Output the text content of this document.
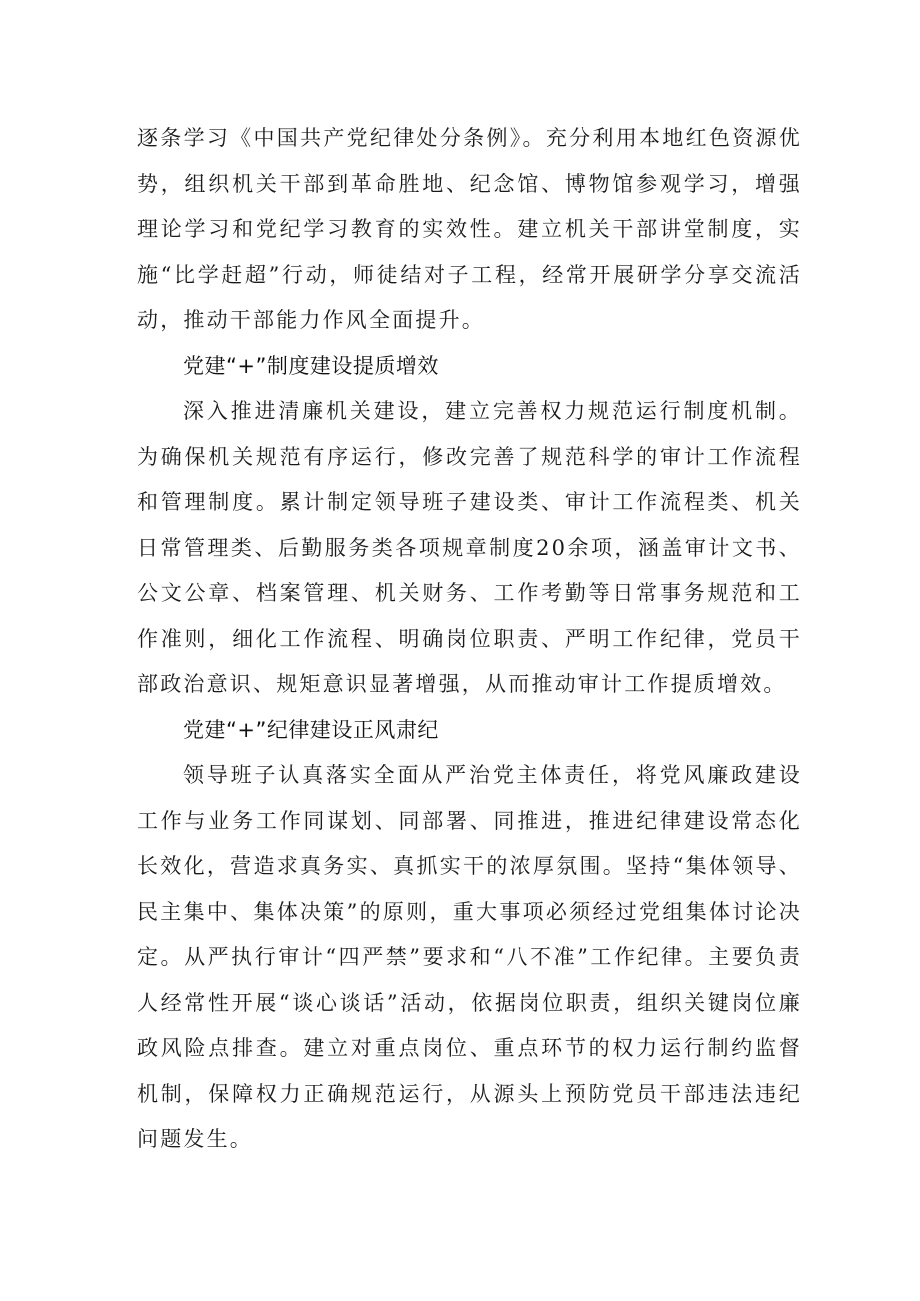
逐条学习《中国共产党纪律处分条例》。充分利用本地红色资源优势，组织机关干部到革命胜地、纪念馆、博物馆参观学习，增强理论学习和党纪学习教育的实效性。建立机关干部讲堂制度，实施“比学赶超”行动，师徒结对子工程，经常开展研学分享交流活动，推动干部能力作风全面提升。

党建“+”制度建设提质增效

深入推进清廉机关建设，建立完善权力规范运行制度机制。为确保机关规范有序运行，修改完善了规范科学的审计工作流程和管理制度。累计制定领导班子建设类、审计工作流程类、机关日常管理类、后勤服务类各项规章制度20余项，涵盖审计文书、公文公章、档案管理、机关财务、工作考勤等日常事务规范和工作准则，细化工作流程、明确岗位职责、严明工作纪律，党员干部政治意识、规矩意识显著增强，从而推动审计工作提质增效。

党建“+”纪律建设正风肃纪

领导班子认真落实全面从严治党主体责任，将党风廉政建设工作与业务工作同谋划、同部署、同推进，推进纪律建设常态化长效化，营造求真务实、真抓实干的浓厚氛围。坚持“集体领导、民主集中、集体决策”的原则，重大事项必须经过党组集体讨论决定。从严执行审计“四严禁”要求和“八不准”工作纪律。主要负责人经常性开展“谈心谈话”活动，依据岗位职责，组织关键岗位廉政风险点排查。建立对重点岗位、重点环节的权力运行制约监督机制，保障权力正确规范运行，从源头上预防党员干部违法违纪问题发生。
